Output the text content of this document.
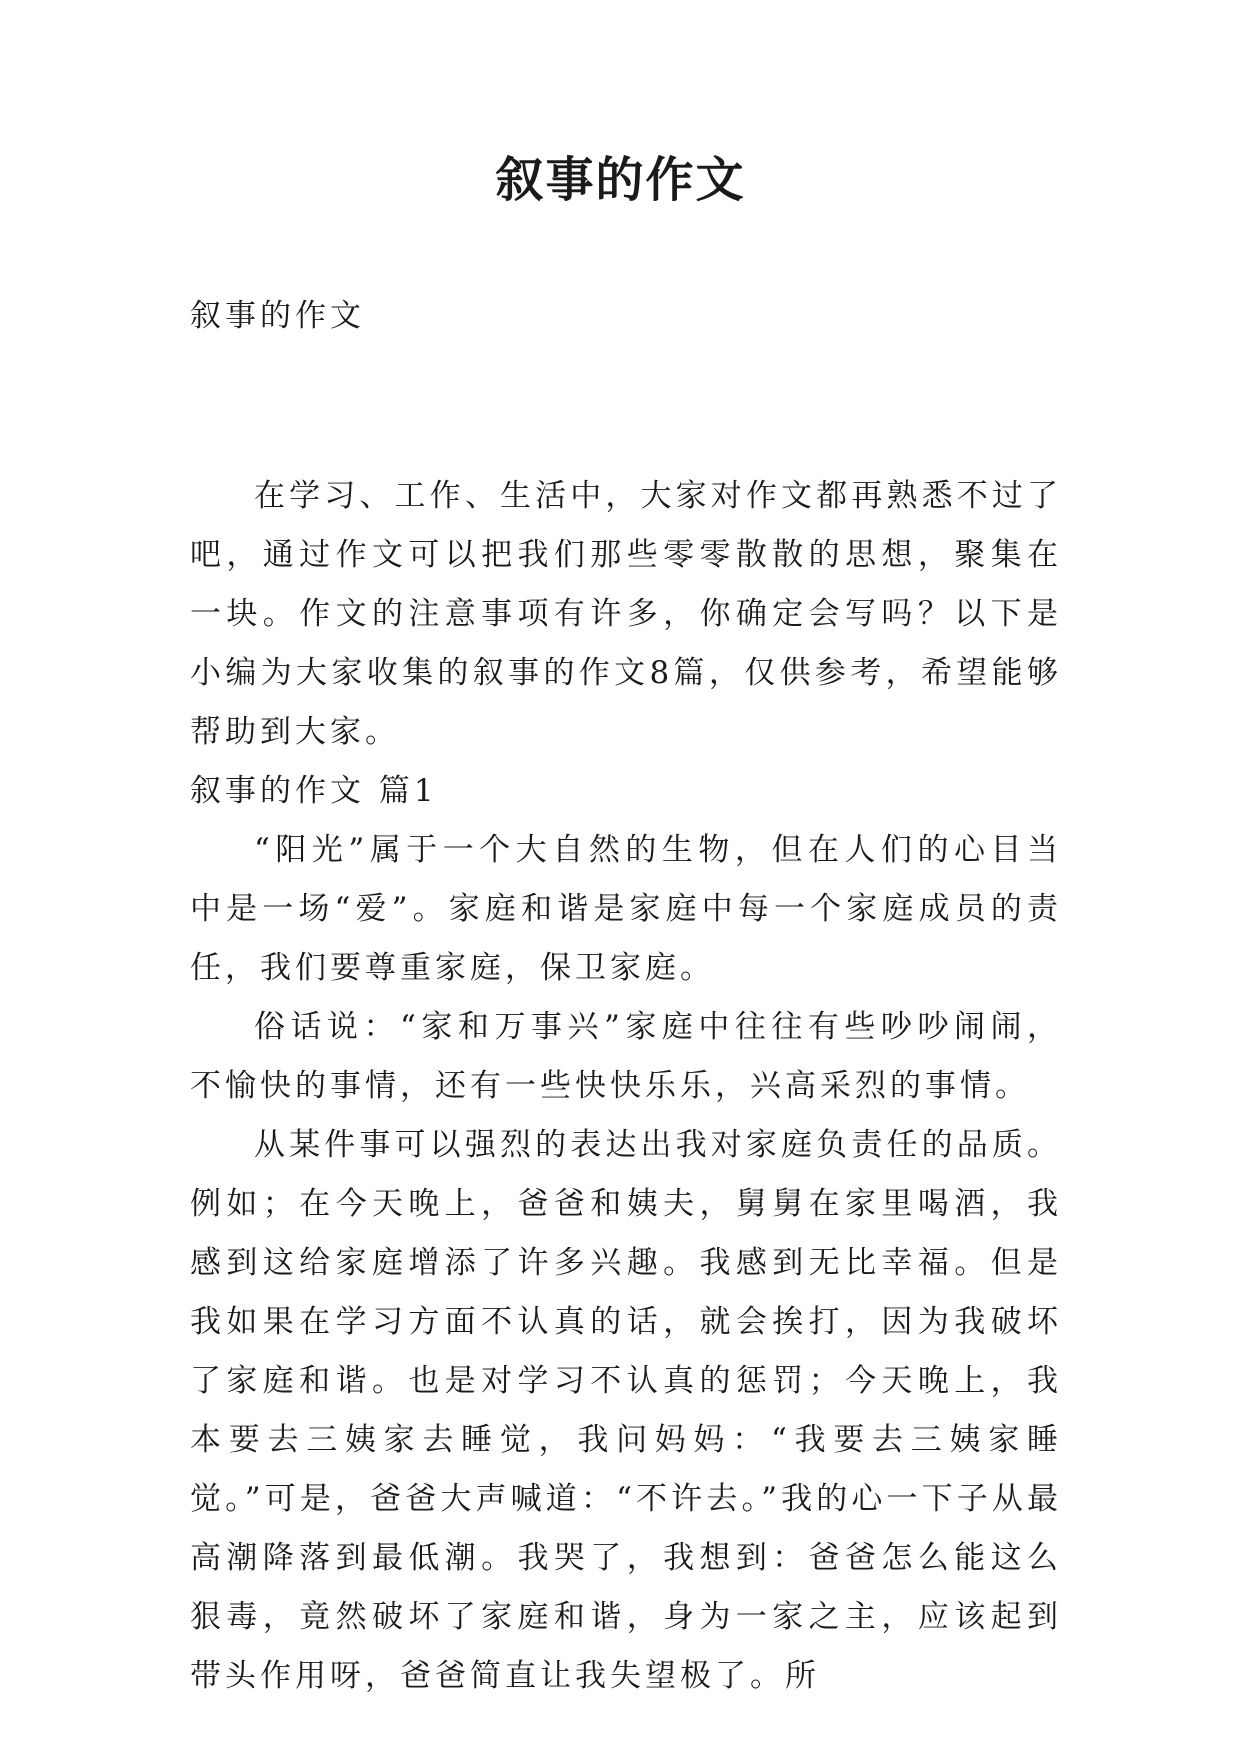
叙事的作文
叙事的作文

在学习、工作、生活中，大家对作文都再熟悉不过了吧，通过作文可以把我们那些零零散散的思想，聚集在一块。作文的注意事项有许多，你确定会写吗？以下是小编为大家收集的叙事的作文8篇，仅供参考，希望能够帮助到大家。

叙事的作文 篇1

“阳光”属于一个大自然的生物，但在人们的心目当中是一场“爱”。家庭和谐是家庭中每一个家庭成员的责任，我们要尊重家庭，保卫家庭。

俗话说：“家和万事兴”家庭中往往有些吵吵闹闹，不愉快的事情，还有一些快快乐乐，兴高采烈的事情。

从某件事可以强烈的表达出我对家庭负责任的品质。例如；在今天晚上，爸爸和姨夫，舅舅在家里喝酒，我感到这给家庭增添了许多兴趣。我感到无比幸福。但是我如果在学习方面不认真的话，就会挨打，因为我破坏了家庭和谐。也是对学习不认真的惩罚；今天晚上，我本要去三姨家去睡觉，我问妈妈：“我要去三姨家睡觉。”可是，爸爸大声喊道：“不许去。”我的心一下子从最高潮降落到最低潮。我哭了，我想到：爸爸怎么能这么狠毒，竟然破坏了家庭和谐，身为一家之主，应该起到带头作用呀，爸爸简直让我失望极了。所
